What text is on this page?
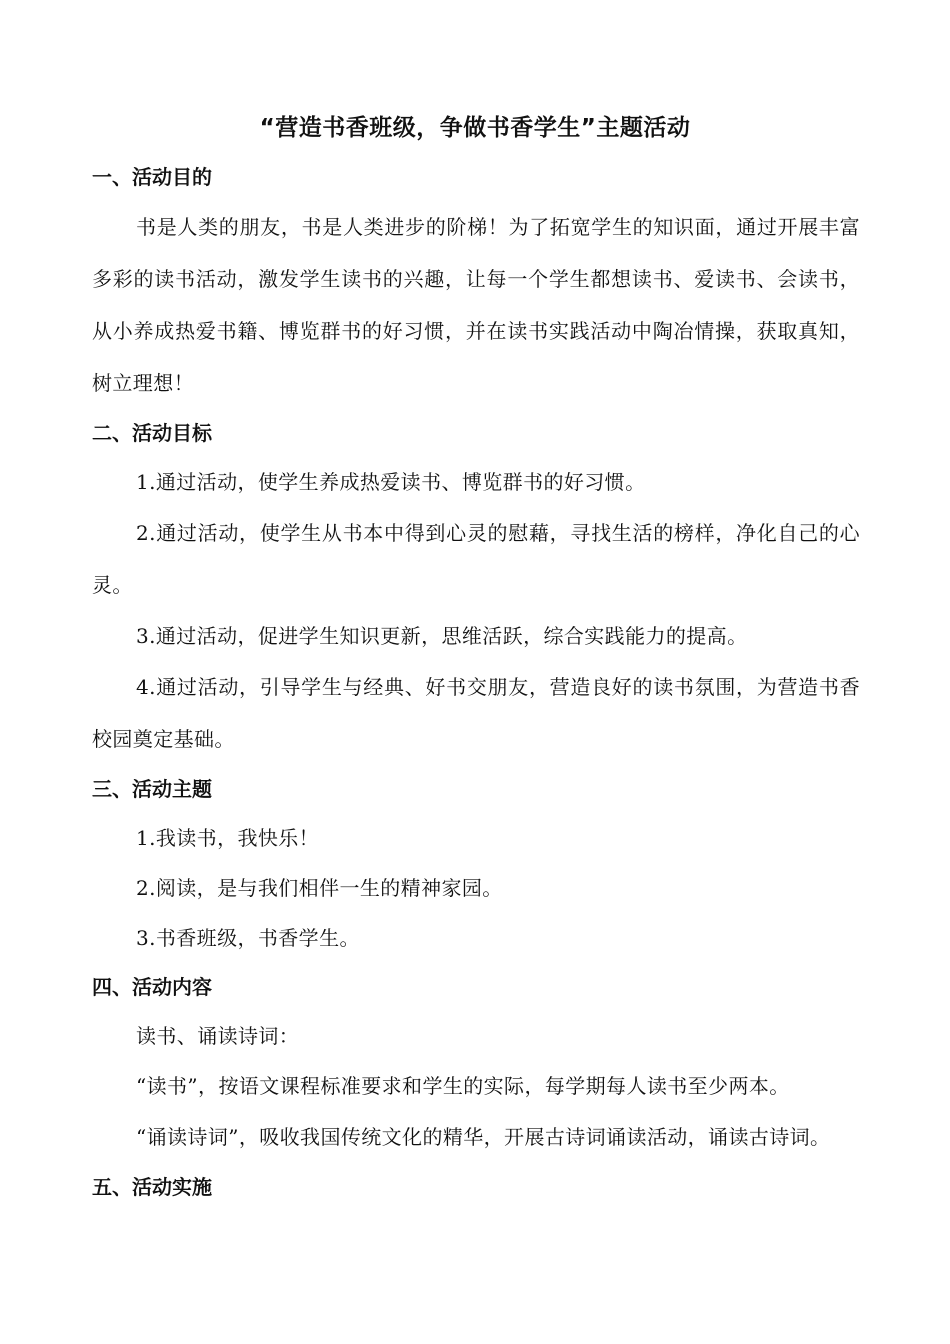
“营造书香班级，争做书香学生”主题活动
一、活动目的

书是人类的朋友，书是人类进步的阶梯！为了拓宽学生的知识面，通过开展丰富多彩的读书活动，激发学生读书的兴趣，让每一个学生都想读书、爱读书、会读书，从小养成热爱书籍、博览群书的好习惯，并在读书实践活动中陶冶情操，获取真知，树立理想！

二、活动目标

1.通过活动，使学生养成热爱读书、博览群书的好习惯。

2.通过活动，使学生从书本中得到心灵的慰藉，寻找生活的榜样，净化自己的心灵。

3.通过活动，促进学生知识更新，思维活跃，综合实践能力的提高。

4.通过活动，引导学生与经典、好书交朋友，营造良好的读书氛围，为营造书香校园奠定基础。

三、活动主题

1.我读书，我快乐！

2.阅读，是与我们相伴一生的精神家园。

3.书香班级，书香学生。

四、活动内容

读书、诵读诗词：

“读书”，按语文课程标准要求和学生的实际，每学期每人读书至少两本。

“诵读诗词”，吸收我国传统文化的精华，开展古诗词诵读活动，诵读古诗词。

五、活动实施
